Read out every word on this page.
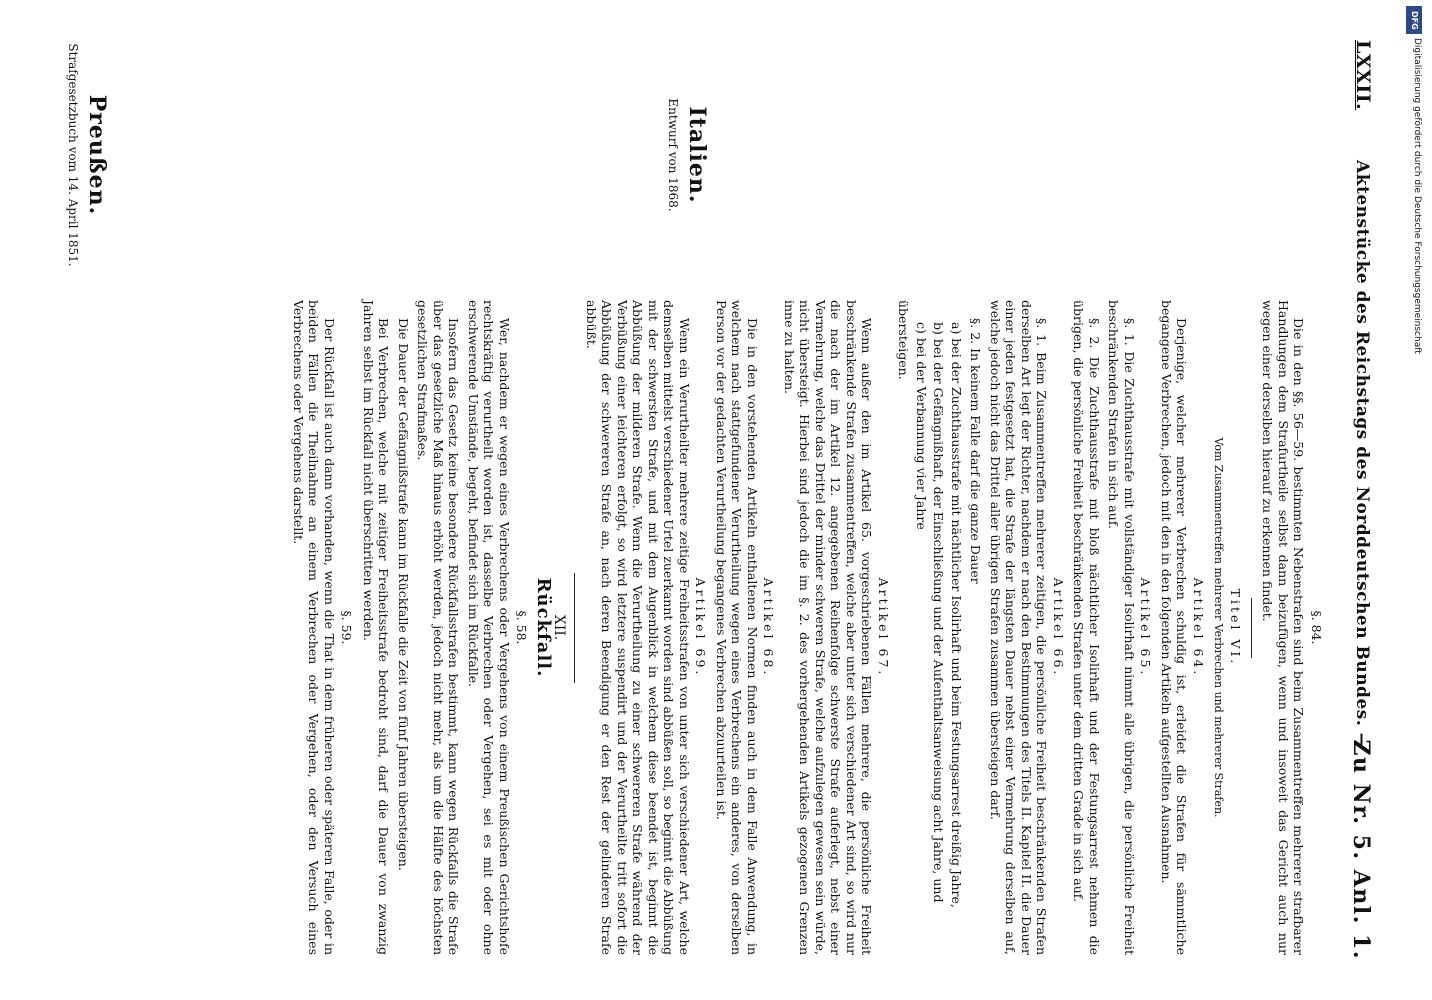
LXXII.
Aktenstücke des Reichstags des Norddeutschen Bundes. —
Zu Nr. 5. Anl. 1.
Italien.
Entwurf von 1868.
Preußen.
Strafgesetzbuch vom 14. April 1851.
§. 84.

Die in den §§. 56—59. bestimmten Nebenstrafen sind beim Zusammentreffen mehrerer strafbarer Handlungen dem Strafurtheile selbst dann beizufügen, wenn und insoweit das Gericht auch nur wegen einer derselben hierauf zu erkennen findet.

Titel VI.
Vom Zusammentreffen mehrerer Verbrechen und mehrerer Strafen.
Artikel 64.

Derjenige, welcher mehrerer Verbrechen schuldig ist, erleidet die Strafen für sämmtliche begangene Verbrechen, jedoch mit den in den folgenden Artikeln aufgestellten Ausnahmen.

Artikel 65.

§. 1. Die Zuchthausstrafe mit vollständiger Isolirhaft nimmt alle übrigen, die persönliche Freiheit beschränkenden Strafen in sich auf.

§. 2. Die Zuchthausstrafe mit bloß nächtlicher Isolirhaft und der Festungsarrest nehmen die übrigen, die persönliche Freiheit beschränkenden Strafen unter dem dritten Grade in sich auf.

Artikel 66.

§. 1. Beim Zusammentreffen mehrerer zeitigen, die persönliche Freiheit beschränkenden Strafen derselben Art legt der Richter, nachdem er nach den Bestimmungen des Titels II. Kapitel II. die Dauer einer jeden festgesetzt hat, die Strafe der längsten Dauer nebst einer Vermehrung derselben auf, welche jedoch nicht das Drittel aller übrigen Strafen zusammen übersteigen darf.

§. 2. In keinem Falle darf die ganze Dauer

a) bei der Zuchthausstrafe mit nächtlicher Isolirhaft und beim Festungsarrest dreißig Jahre,
b) bei der Gefängnißhaft, der Einschließung und der Aufenthaltsanweisung acht Jahre, und
c) bei der Verbannung vier Jahre

übersteigen.

Artikel 67.

Wenn außer den im Artikel 65. vorgeschriebenen Fällen mehrere, die persönliche Freiheit beschränkende Strafen zusammentreffen, welche aber unter sich verschiedener Art sind, so wird nur die nach der im Artikel 12. angegebenen Reihenfolge schwerste Strafe auferlegt, nebst einer Vermehrung, welche das Drittel der minder schweren Strafe, welche aufzulegen gewesen sein würde, nicht übersteigt. Hierbei sind jedoch die im §. 2. des vorhergehenden Artikels gezogenen Grenzen inne zu halten.

Artikel 68.

Die in den vorstehenden Artikeln enthaltenen Normen finden auch in dem Falle Anwendung, in welchem nach stattgefundener Verurtheilung wegen eines Verbrechens ein anderes, von derselben Person vor der gedachten Verurtheilung begangenes Verbrechen abzuurteilen ist.

Artikel 69.

Wenn ein Verurtheilter mehrere zeitige Freiheitsstrafen von unter sich verschiedener Art, welche demselben mittelst verschiedener Urtel zuerkannt worden sind abbüßen soll, so beginnt die Abbüßung mit der schwersten Strafe, und mit dem Augenblick in welchem diese beendet ist, beginnt die Abbüßung der milderen Strafe. Wenn die Verurtheilung zu einer schwereren Strafe während der Verbüßung einer leichteren erfolgt, so wird letztere suspendirt und der Verurtheilte tritt sofort die Abbüßung der schwereren Strafe an, nach deren Beendigung er den Rest der gelinderen Strafe abbüßt.

XII.
Rückfall.
§. 58.

Wer, nachdem er wegen eines Verbrechens oder Vergehens von einem Preußischen Gerichtshofe rechtskräftig verurtheilt worden ist, dasselbe Verbrechen oder Vergehen, sei es mit oder ohne erschwerende Umstände, begeht, befindet sich im Rückfalle.

Insofern das Gesetz keine besondere Rückfallsstrafen bestimmt, kann wegen Rückfalls die Strafe über das gesetzliche Maß hinaus erhöht werden, jedoch nicht mehr, als um die Hälfte des höchsten gesetzlichen Strafmaßes.

Die Dauer der Gefängnißstrafe kann im Rückfalle die Zeit von fünf Jahren übersteigen.

Bei Verbrechen, welche mit zeitiger Freiheitsstrafe bedroht sind, darf die Dauer von zwanzig Jahren selbst im Rückfall nicht überschritten werden.

§. 59.

Der Rückfall ist auch dann vorhanden, wenn die That in dem früheren oder späteren Falle, oder in beiden Fällen die Theilnahme an einem Verbrechen oder Vergehen, oder den Versuch eines Verbrechens oder Vergehens darstellt.

DFG
Digitalisierung gefördert durch die Deutsche Forschungsgemeinschaft
